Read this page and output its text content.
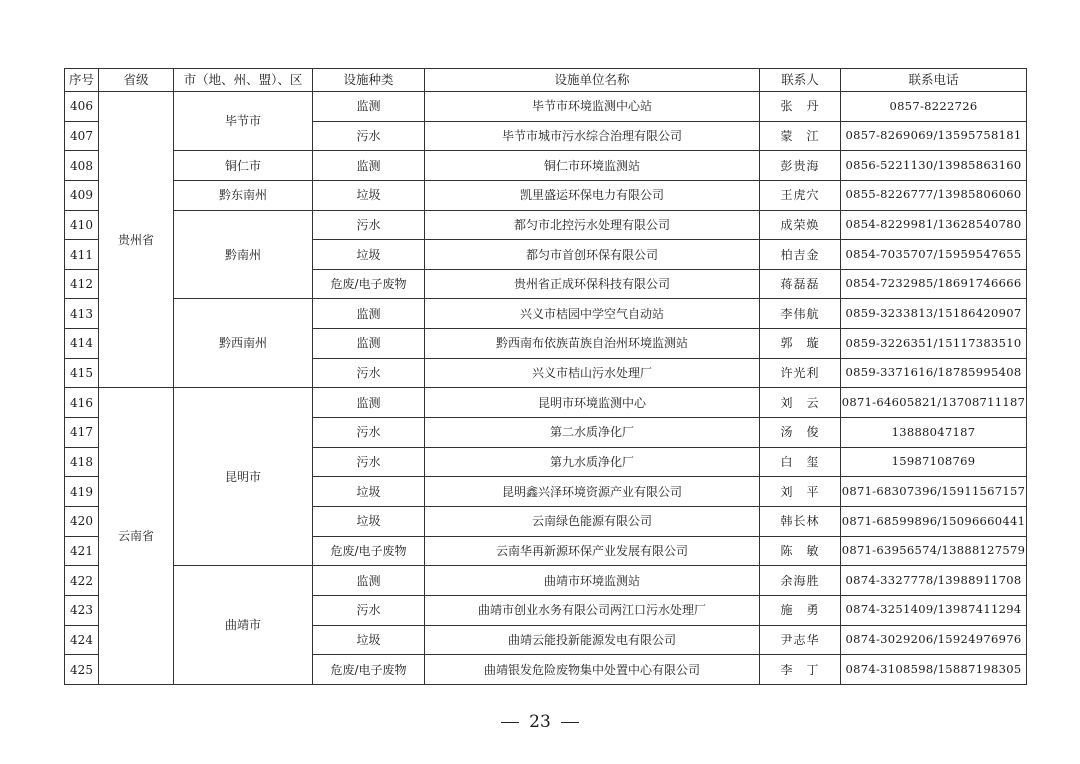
序号	省级	市（地、州、盟）、区	设施种类	设施单位名称	联系人	联系电话
406	贵州省	毕节市	监测	毕节市环境监测中心站	张　丹	0857-8222726
407			污水	毕节市城市污水综合治理有限公司	蒙　江	0857-8269069/13595758181
408		铜仁市	监测	铜仁市环境监测站	彭贵海	0856-5221130/13985863160
409		黔东南州	垃圾	凯里盛运环保电力有限公司	王虎穴	0855-8226777/13985806060
410		黔南州	污水	都匀市北控污水处理有限公司	成荣焕	0854-8229981/13628540780
411			垃圾	都匀市首创环保有限公司	柏吉金	0854-7035707/15959547655
412			危废/电子废物	贵州省正成环保科技有限公司	蒋磊磊	0854-7232985/18691746666
413		黔西南州	监测	兴义市桔园中学空气自动站	李伟航	0859-3233813/15186420907
414			监测	黔西南布依族苗族自治州环境监测站	郭　璇	0859-3226351/15117383510
415			污水	兴义市桔山污水处理厂	许光利	0859-3371616/18785995408
416	云南省	昆明市	监测	昆明市环境监测中心	刘　云	0871-64605821/13708711187
417			污水	第二水质净化厂	汤　俊	13888047187
418			污水	第九水质净化厂	白　玺	15987108769
419			垃圾	昆明鑫兴泽环境资源产业有限公司	刘　平	0871-68307396/15911567157
420			垃圾	云南绿色能源有限公司	韩长林	0871-68599896/15096660441
421			危废/电子废物	云南华再新源环保产业发展有限公司	陈　敏	0871-63956574/13888127579
422		曲靖市	监测	曲靖市环境监测站	余海胜	0874-3327778/13988911708
423			污水	曲靖市创业水务有限公司两江口污水处理厂	施　勇	0874-3251409/13987411294
424			垃圾	曲靖云能投新能源发电有限公司	尹志华	0874-3029206/15924976976
425			危废/电子废物	曲靖银发危险废物集中处置中心有限公司	李　丁	0874-3108598/15887198305
23
